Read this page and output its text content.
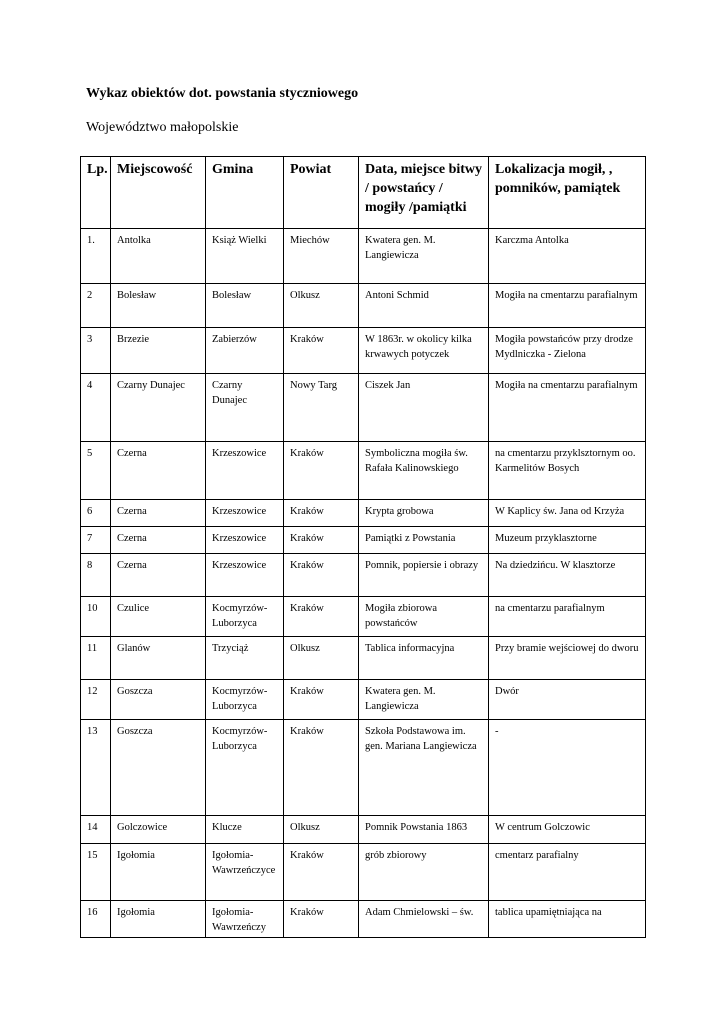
Wykaz obiektów dot. powstania styczniowego
Województwo małopolskie
Lp.	Miejscowość	Gmina	Powiat	Data, miejsce bitwy / powstańcy / mogiły /pamiątki	Lokalizacja mogił, , pomników, pamiątek
1.	Antolka	Książ Wielki	Miechów	Kwatera gen. M. Langiewicza	Karczma Antolka
2	Bolesław	Bolesław	Olkusz	Antoni Schmid	Mogiła na cmentarzu parafialnym
3	Brzezie	Zabierzów	Kraków	W 1863r. w okolicy kilka krwawych potyczek	Mogiła powstańców przy drodze Mydlniczka - Zielona
4	Czarny Dunajec	Czarny Dunajec	Nowy Targ	Ciszek Jan	Mogiła na cmentarzu parafialnym
5	Czerna	Krzeszowice	Kraków	Symboliczna mogiła św. Rafała Kalinowskiego	na cmentarzu przyklsztornym oo. Karmelitów Bosych
6	Czerna	Krzeszowice	Kraków	Krypta grobowa	W Kaplicy św. Jana od Krzyża
7	Czerna	Krzeszowice	Kraków	Pamiątki z Powstania	Muzeum przyklasztorne
8	Czerna	Krzeszowice	Kraków	Pomnik, popiersie i obrazy	Na dziedzińcu. W klasztorze
10	Czulice	Kocmyrzów-Luborzyca	Kraków	Mogiła zbiorowa powstańców	na cmentarzu parafialnym
11	Glanów	Trzyciąż	Olkusz	Tablica informacyjna	Przy bramie wejściowej do dworu
12	Goszcza	Kocmyrzów-Luborzyca	Kraków	Kwatera gen. M. Langiewicza	Dwór
13	Goszcza	Kocmyrzów-Luborzyca	Kraków	Szkoła Podstawowa im. gen. Mariana Langiewicza	-
14	Golczowice	Klucze	Olkusz	Pomnik Powstania 1863	W centrum Golczowic
15	Igołomia	Igołomia-Wawrzeńczyce	Kraków	grób zbiorowy	cmentarz parafialny
16	Igołomia	Igołomia-Wawrzeńczy	Kraków	Adam Chmielowski – św.	tablica upamiętniająca na
